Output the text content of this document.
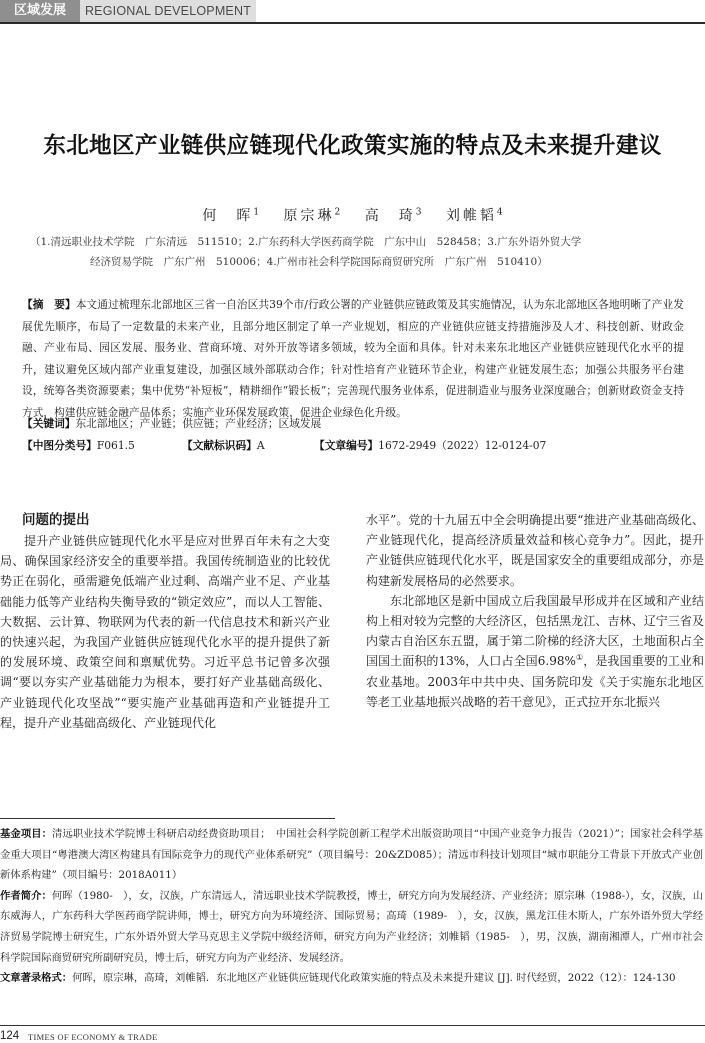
区域发展	REGIONAL DEVELOPMENT
东北地区产业链供应链现代化政策实施的特点及未来提升建议
何　晖$^1$　 原宗琳$^2$　 高　琦$^3$　 刘帷韬$^4$
（1.清远职业技术学院　广东清远　511510；2.广东药科大学医药商学院　广东中山　528458；3.广东外语外贸大学
经济贸易学院　广东广州　510006；4.广州市社会科学院国际商贸研究所　广东广州　510410）
【摘　要】本文通过梳理东北部地区三省一自治区共39个市/行政公署的产业链供应链政策及其实施情况，认为东北部地区各地明晰了产业发展优先顺序，布局了一定数量的未来产业，且部分地区制定了单一产业规划，相应的产业链供应链支持措施涉及人才、科技创新、财政金融、产业布局、园区发展、服务业、营商环境、对外开放等诸多领域，较为全面和具体。针对未来东北地区产业链供应链现代化水平的提升，建议避免区域内部产业重复建设，加强区域外部联动合作；针对性培育产业链环节企业，构建产业链发展生态；加强公共服务平台建设，统筹各类资源要素；集中优势“补短板”，精耕细作“锻长板”；完善现代服务业体系，促进制造业与服务业深度融合；创新财政资金支持方式，构建供应链金融产品体系；实施产业环保发展政策，促进企业绿色化升级。
【关键词】东北部地区；产业链；供应链；产业经济；区域发展
【中图分类号】F061.5	【文献标识码】A	【文章编号】1672-2949（2022）12-0124-07
问题的提出

提升产业链供应链现代化水平是应对世界百年未有之大变局、确保国家经济安全的重要举措。我国传统制造业的比较优势正在弱化，亟需避免低端产业过剩、高端产业不足、产业基础能力低等产业结构失衡导致的“锁定效应”，而以人工智能、大数据、云计算、物联网为代表的新一代信息技术和新兴产业的快速兴起，为我国产业链供应链现代化水平的提升提供了新的发展环境、政策空间和禀赋优势。习近平总书记曾多次强调“要以夯实产业基础能力为根本，要打好产业基础高级化、产业链现代化攻坚战”“要实施产业基础再造和产业链提升工程，提升产业基础高级化、产业链现代化

水平”。党的十九届五中全会明确提出要“推进产业基础高级化、产业链现代化，提高经济质量效益和核心竞争力”。因此，提升产业链供应链现代化水平，既是国家安全的重要组成部分，亦是构建新发展格局的必然要求。

东北部地区是新中国成立后我国最早形成并在区域和产业结构上相对较为完整的大经济区，包括黑龙江、吉林、辽宁三省及内蒙古自治区东五盟，属于第二阶梯的经济大区，土地面积占全国国土面积的13%，人口占全国6.98%①，是我国重要的工业和农业基地。2003年中共中央、国务院印发《关于实施东北地区等老工业基地振兴战略的若干意见》，正式拉开东北振兴

基金项目：清远职业技术学院博士科研启动经费资助项目；　中国社会科学院创新工程学术出版资助项目“中国产业竞争力报告（2021）”；国家社会科学基金重大项目“粤港澳大湾区构建具有国际竞争力的现代产业体系研究”（项目编号：20&ZD085）；清远市科技计划项目“城市职能分工背景下开放式产业创新体系构建”（项目编号：2018A011）

作者简介：何晖（1980-　），女，汉族，广东清远人，清远职业技术学院教授，博士，研究方向为发展经济、产业经济；原宗琳（1988-），女，汉族，山东威海人，广东药科大学医药商学院讲师，博士，研究方向为环境经济、国际贸易；高琦（1989-　），女，汉族，黑龙江佳木斯人，广东外语外贸大学经济贸易学院博士研究生，广东外语外贸大学马克思主义学院中级经济师，研究方向为产业经济；刘帷韬（1985-　），男，汉族，湖南湘潭人，广州市社会科学院国际商贸研究所副研究员，博士后，研究方向为产业经济、发展经济。

文章著录格式：何晖，原宗琳，高琦，刘帷韬．东北地区产业链供应链现代化政策实施的特点及未来提升建议 [J]. 时代经贸，2022（12）：124-130

124 TIMES OF ECONOMY & TRADE
